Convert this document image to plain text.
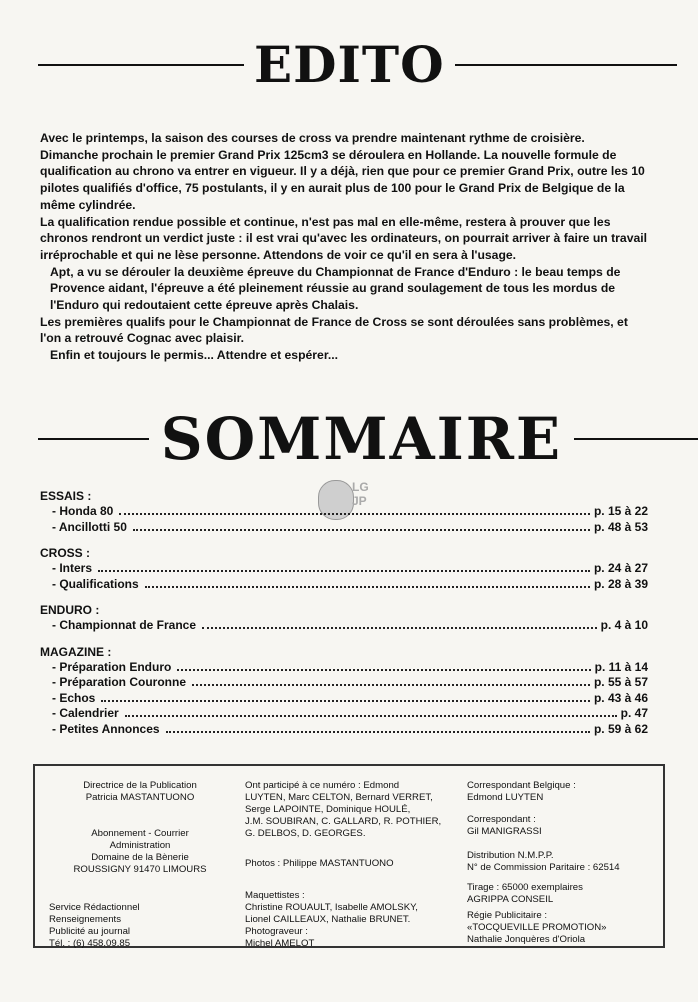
EDITO

Avec le printemps, la saison des courses de cross va prendre maintenant rythme de croisière.

Dimanche prochain le premier Grand Prix 125cm3 se déroulera en Hollande. La nouvelle formule de qualification au chrono va entrer en vigueur. Il y a déjà, rien que pour ce premier Grand Prix, outre les 10 pilotes qualifiés d'office, 75 postulants, il y en aurait plus de 100 pour le Grand Prix de Belgique de la même cylindrée.

La qualification rendue possible et continue, n'est pas mal en elle-même, restera à prouver que les chronos rendront un verdict juste : il est vrai qu'avec les ordinateurs, on pourrait arriver à faire un travail irréprochable et qui ne lèse personne. Attendons de voir ce qu'il en sera à l'usage.

Apt, a vu se dérouler la deuxième épreuve du Championnat de France d'Enduro : le beau temps de Provence aidant, l'épreuve a été pleinement réussie au grand soulagement de tous les mordus de l'Enduro qui redoutaient cette épreuve après Chalais.

Les premières qualifs pour le Championnat de France de Cross se sont déroulées sans problèmes, et l'on a retrouvé Cognac avec plaisir.

Enfin et toujours le permis... Attendre et espérer...

SOMMAIRE
LG
JP
ESSAIS :
- Honda 80	p. 15 à 22
- Ancillotti 50	p. 48 à 53
CROSS :
- Inters	p. 24 à 27
- Qualifications	p. 28 à 39
ENDURO :
- Championnat de France	p. 4 à 10
MAGAZINE :
- Préparation Enduro	p. 11 à 14
- Préparation Couronne	p. 55 à 57
- Echos	p. 43 à 46
- Calendrier	p. 47
- Petites Annonces	p. 59 à 62
Directrice de la Publication
Patricia MASTANTUONO
Abonnement - Courrier
Administration
Domaine de la Bènerie
ROUSSIGNY 91470 LIMOURS
Service Rédactionnel
Renseignements
Publicité au journal
Tél. : (6) 458.09.85
Ont participé à ce numéro : Edmond
LUYTEN, Marc CELTON, Bernard VERRET,
Serge LAPOINTE, Dominique HOULÉ,
J.M. SOUBIRAN, C. GALLARD, R. POTHIER,
G. DELBOS, D. GEORGES.
Photos : Philippe MASTANTUONO
Maquettistes :
Christine ROUAULT, Isabelle AMOLSKY,
Lionel CAILLEAUX, Nathalie BRUNET.
Photograveur :
Michel AMELOT
Correspondant Belgique :
Edmond LUYTEN
Correspondant :
Gil MANIGRASSI
Distribution N.M.P.P.
N° de Commission Paritaire : 62514
Tirage : 65000 exemplaires
AGRIPPA CONSEIL
Régie Publicitaire :
«TOCQUEVILLE PROMOTION»
Nathalie Jonquères d'Oriola
